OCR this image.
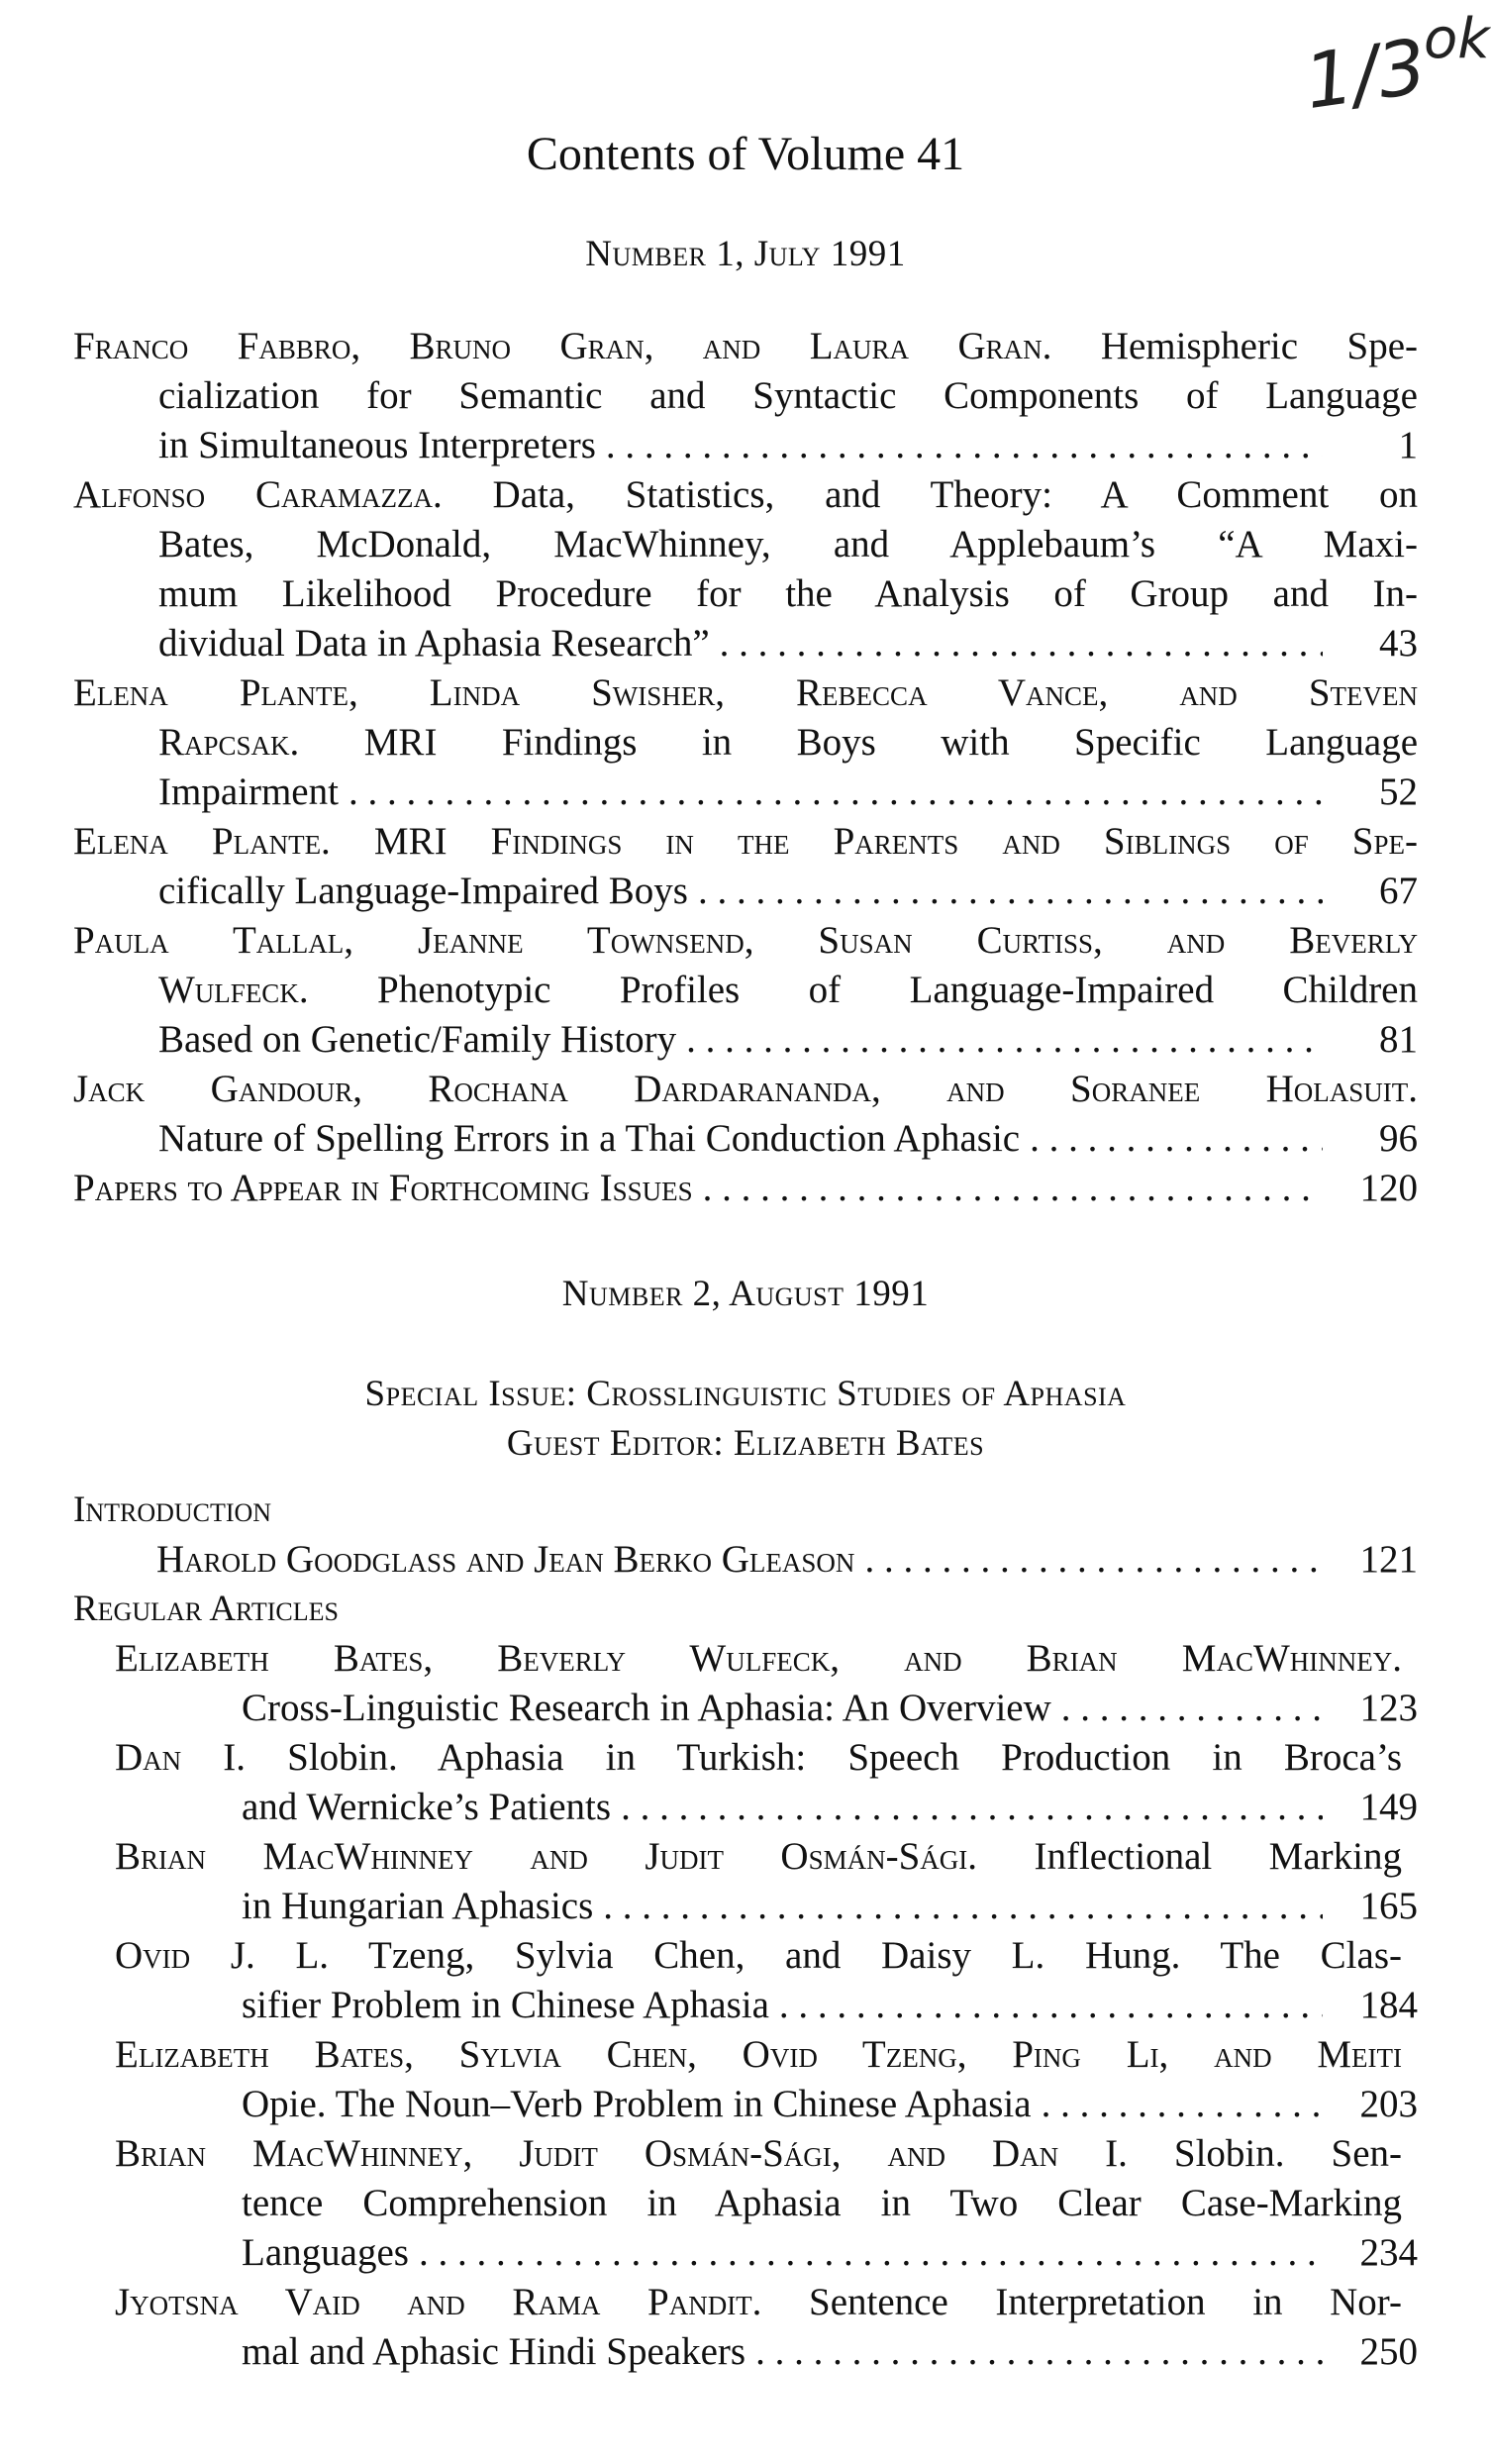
Contents of Volume 41
1/3
ok
Number 1, July 1991
Franco Fabbro, Bruno Gran, and Laura Gran. Hemispheric Spe-
cialization for Semantic and Syntactic Components of Language
in Simultaneous Interpreters . . .	1
Alfonso Caramazza. Data, Statistics, and Theory: A Comment on
Bates, McDonald, MacWhinney, and Applebaum’s “A Maxi-
mum Likelihood Procedure for the Analysis of Group and In-
dividual Data in Aphasia Research” . . .	43
Elena Plante, Linda Swisher, Rebecca Vance, and Steven
Rapcsak. MRI Findings in Boys with Specific Language
Impairment . . .	52
Elena Plante. MRI Findings in the Parents and Siblings of Spe-
cifically Language-Impaired Boys . . .	67
Paula Tallal, Jeanne Townsend, Susan Curtiss, and Beverly
Wulfeck. Phenotypic Profiles of Language-Impaired Children
Based on Genetic/Family History . . .	81
Jack Gandour, Rochana Dardarananda, and Soranee Holasuit.
Nature of Spelling Errors in a Thai Conduction Aphasic . . .	96
Papers to Appear in Forthcoming Issues . . .	120
Number 2, August 1991
Special Issue: Crosslinguistic Studies of Aphasia
Guest Editor: Elizabeth Bates
Introduction
Harold Goodglass and Jean Berko Gleason . . .	121
Regular Articles
Elizabeth Bates, Beverly Wulfeck, and Brian MacWhinney.
Cross-Linguistic Research in Aphasia: An Overview . . .	123
Dan I. Slobin. Aphasia in Turkish: Speech Production in Broca’s
and Wernicke’s Patients . . .	149
Brian MacWhinney and Judit Osmán-Sági. Inflectional Marking
in Hungarian Aphasics . . .	165
Ovid J. L. Tzeng, Sylvia Chen, and Daisy L. Hung. The Clas-
sifier Problem in Chinese Aphasia . . .	184
Elizabeth Bates, Sylvia Chen, Ovid Tzeng, Ping Li, and Meiti
Opie. The Noun–Verb Problem in Chinese Aphasia . . .	203
Brian MacWhinney, Judit Osmán-Sági, and Dan I. Slobin. Sen-
tence Comprehension in Aphasia in Two Clear Case-Marking
Languages . . .	234
Jyotsna Vaid and Rama Pandit. Sentence Interpretation in Nor-
mal and Aphasic Hindi Speakers . . .	250
